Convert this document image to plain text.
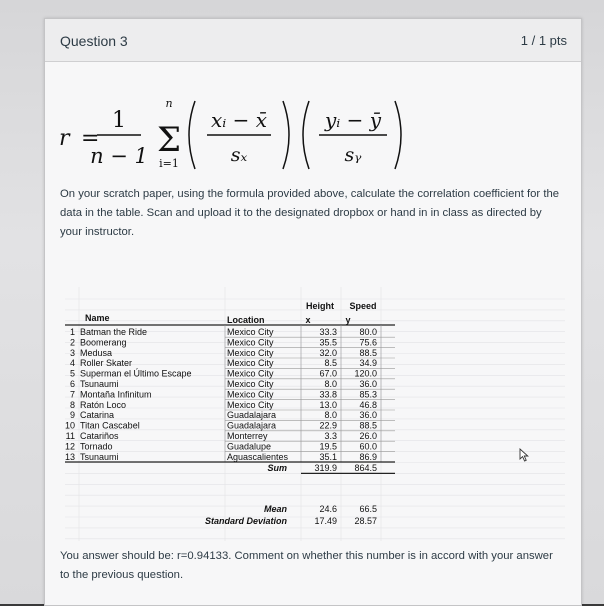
Question 3	1 / 1 pts
r =
1
n − 1
n
Σ
i=1
xᵢ − x̄
sₓ
yᵢ − ȳ
sᵧ
On your scratch paper, using the formula provided above, calculate the correlation coefficient for the data in the table. Scan and upload it to the designated dropbox or hand in in class as directed by your instructor.
Height Speed
Name	Location	x	y
1 Batman the Ride	Mexico City	33.3 80.0
2 Boomerang	Mexico City	35.5 75.6
3 Medusa	Mexico City	32.0 88.5
4 Roller Skater	Mexico City	8.5 34.9
5 Superman el Último Escape	Mexico City	67.0 120.0
6 Tsunaumi	Mexico City	8.0 36.0
7 Montaña Infinitum	Mexico City	33.8 85.3
8 Ratón Loco	Mexico City	13.0 46.8
9 Catarina	Guadalajara	8.0 36.0
10 Titan Cascabel	Guadalajara	22.9 88.5
11 Catariños	Monterrey	3.3 26.0
12 Tornado	Guadalupe	19.5 60.0
13 Tsunaumi	Aguascalientes	35.1 86.9
Sum	319.9 864.5
Mean	24.6 66.5
Standard Deviation	17.49 28.57
You answer should be: r=0.94133. Comment on whether this number is in accord with your answer to the previous question.
